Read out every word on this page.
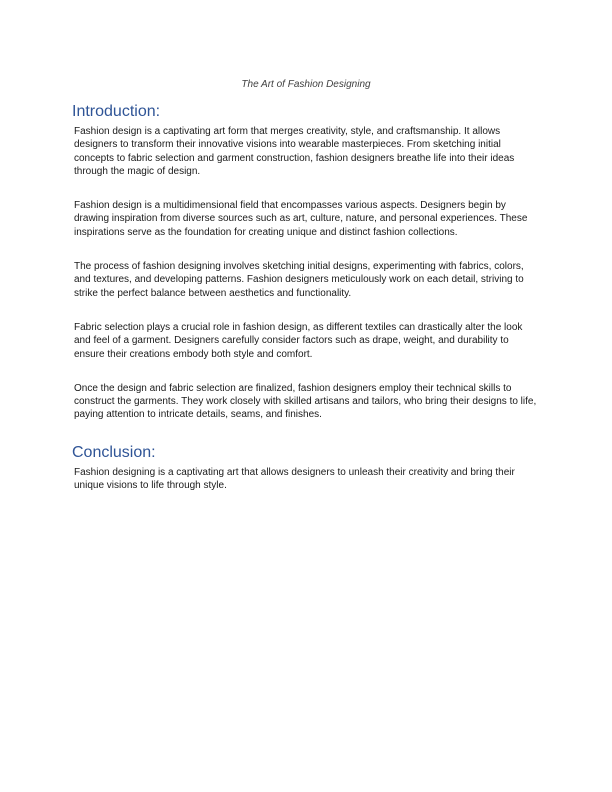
The Art of Fashion Designing

Introduction:

Fashion design is a captivating art form that merges creativity, style, and craftsmanship. It allows designers to transform their innovative visions into wearable masterpieces. From sketching initial concepts to fabric selection and garment construction, fashion designers breathe life into their ideas through the magic of design.

Fashion design is a multidimensional field that encompasses various aspects. Designers begin by drawing inspiration from diverse sources such as art, culture, nature, and personal experiences. These inspirations serve as the foundation for creating unique and distinct fashion collections.

The process of fashion designing involves sketching initial designs, experimenting with fabrics, colors, and textures, and developing patterns. Fashion designers meticulously work on each detail, striving to strike the perfect balance between aesthetics and functionality.

Fabric selection plays a crucial role in fashion design, as different textiles can drastically alter the look and feel of a garment. Designers carefully consider factors such as drape, weight, and durability to ensure their creations embody both style and comfort.

Once the design and fabric selection are finalized, fashion designers employ their technical skills to construct the garments. They work closely with skilled artisans and tailors, who bring their designs to life, paying attention to intricate details, seams, and finishes.

Conclusion:

Fashion designing is a captivating art that allows designers to unleash their creativity and bring their unique visions to life through style.
